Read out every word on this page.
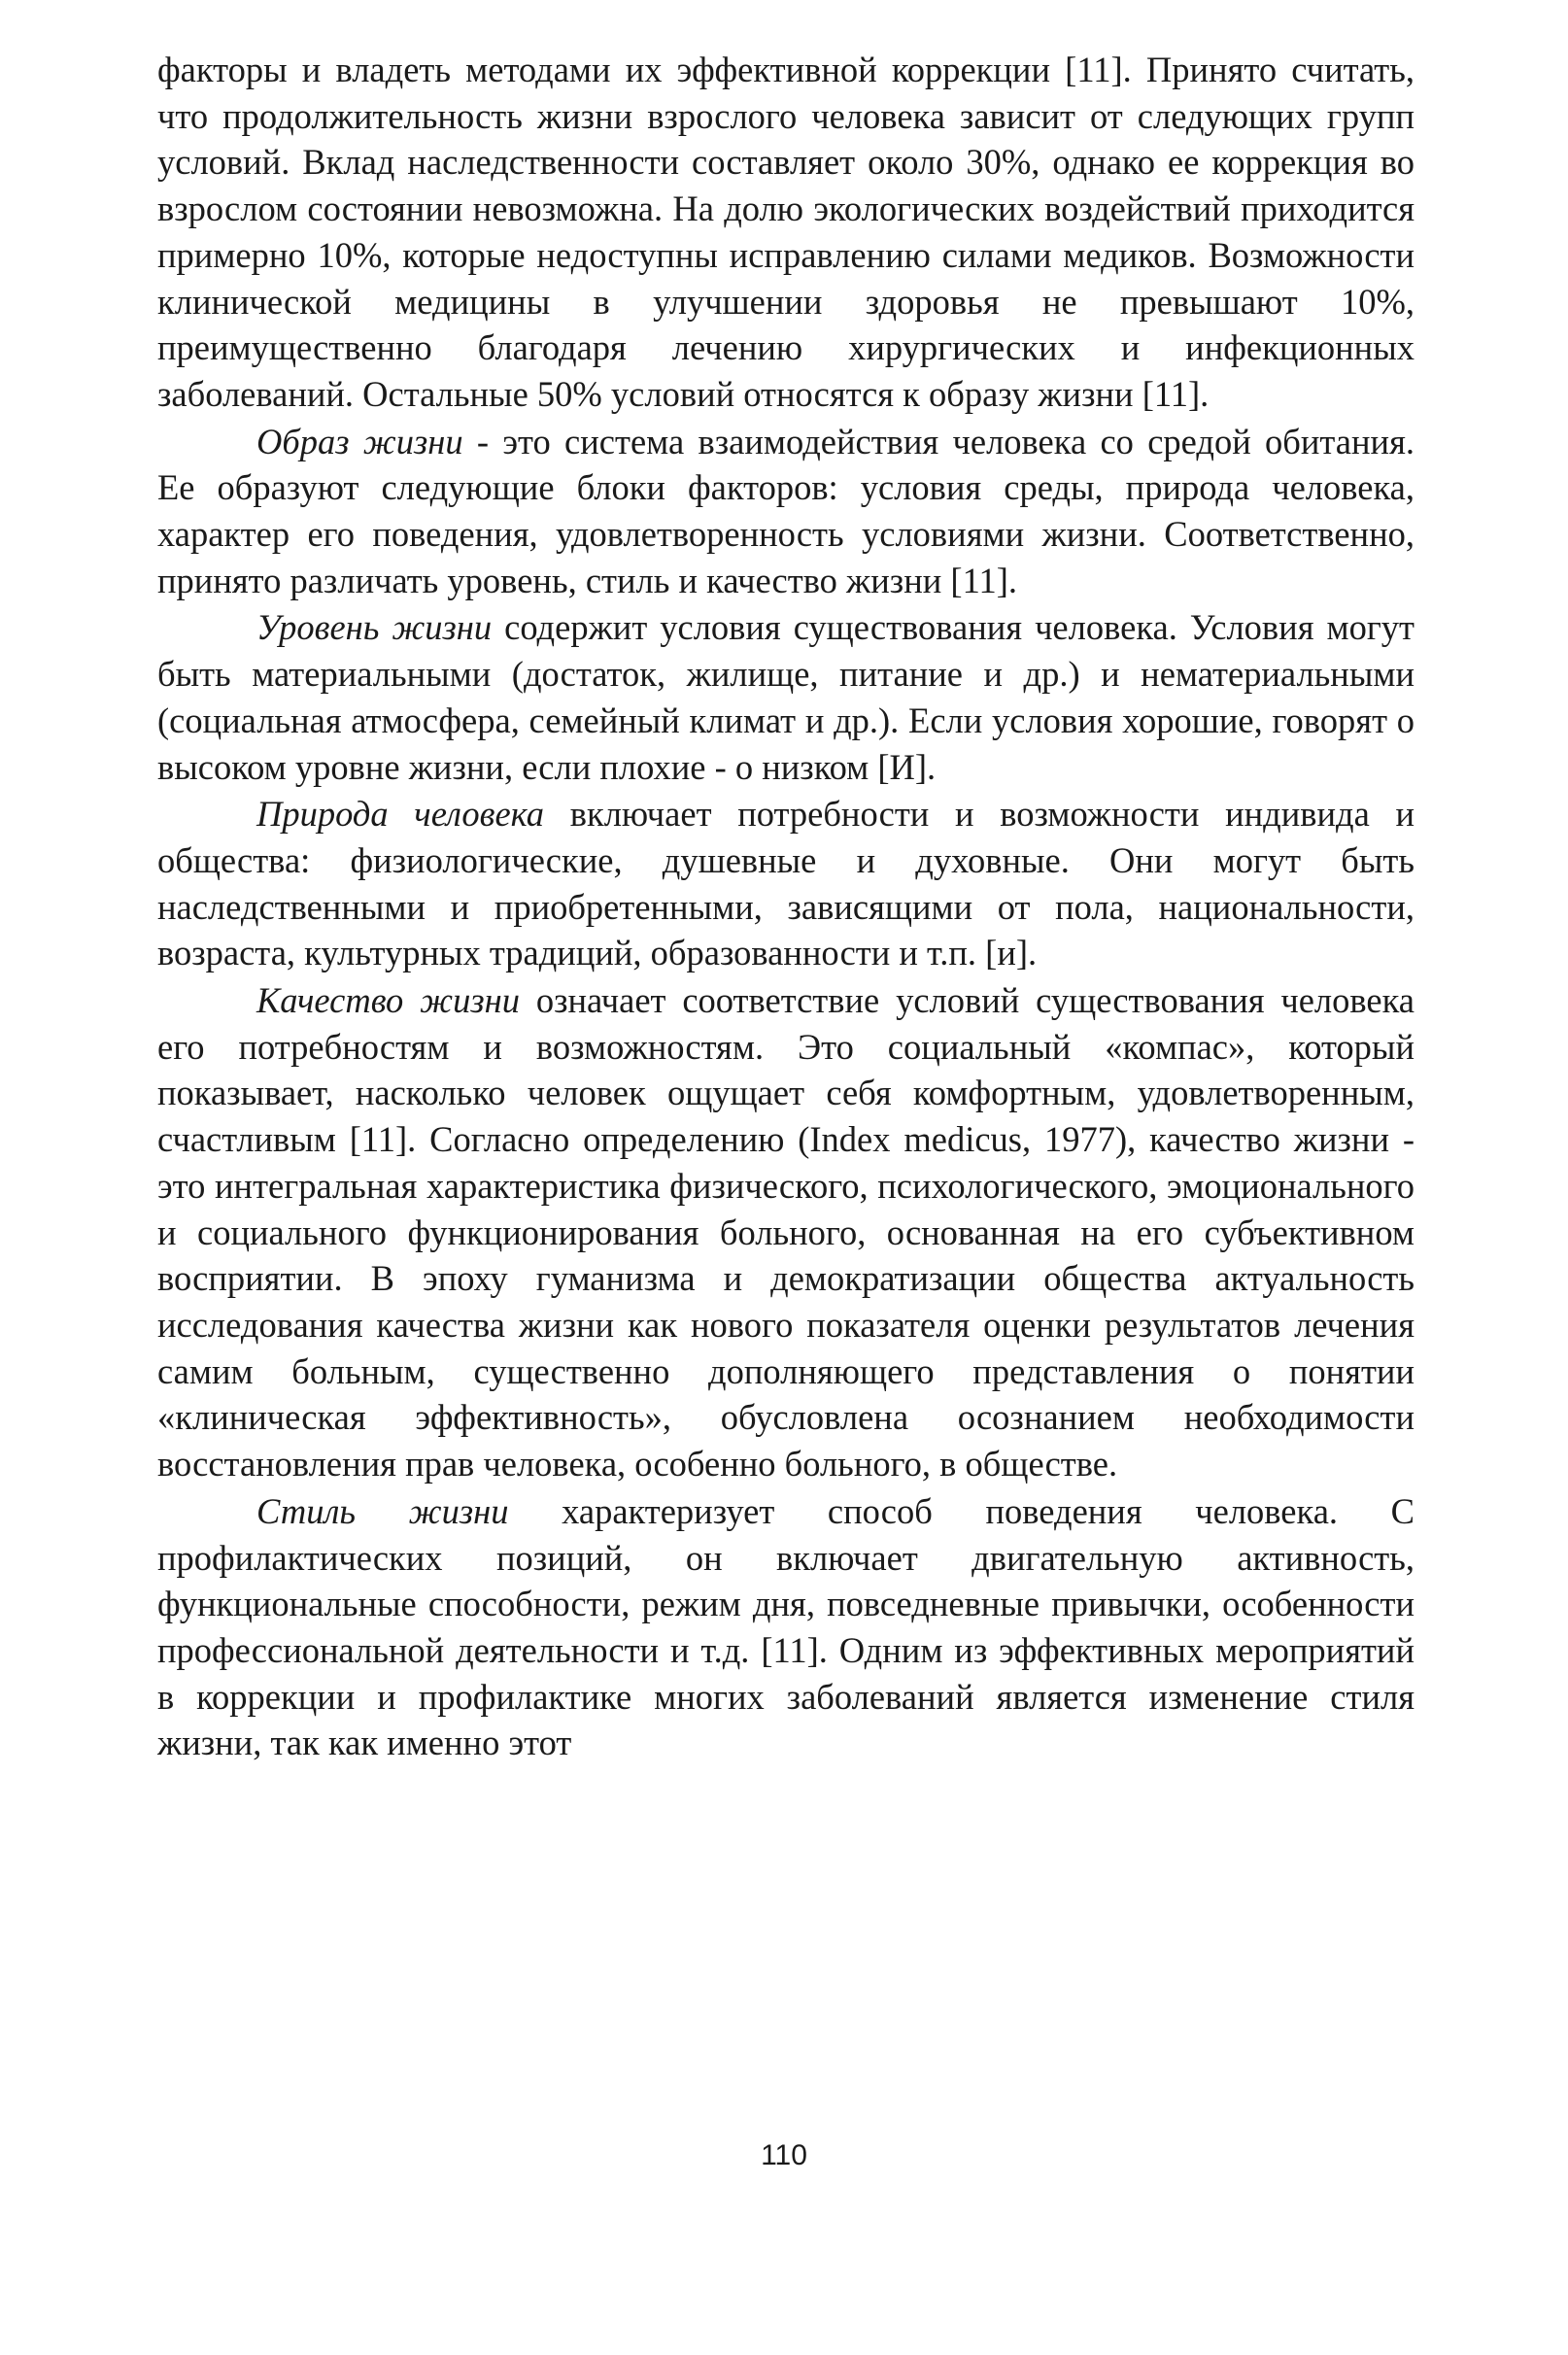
факторы и владеть методами их эффективной коррекции [11]. Принято считать, что продолжительность жизни взрослого человека зависит от следующих групп условий. Вклад наследственности составляет около 30%, однако ее коррекция во взрослом состоянии невозможна. На долю экологических воздействий приходится примерно 10%, которые недоступны исправлению силами медиков. Возможности клинической медицины в улучшении здоровья не превышают 10%, преимущественно благодаря лечению хирургических и инфекционных заболеваний. Остальные 50% условий относятся к образу жизни [11].

Образ жизни - это система взаимодействия человека со средой обитания. Ее образуют следующие блоки факторов: условия среды, природа человека, характер его поведения, удовлетворенность условиями жизни. Соответственно, принято различать уровень, стиль и качество жизни [11].

Уровень жизни содержит условия существования человека. Условия могут быть материальными (достаток, жилище, питание и др.) и нематериальными (социальная атмосфера, семейный климат и др.). Если условия хорошие, говорят о высоком уровне жизни, если плохие - о низком [И].

Природа человека включает потребности и возможности индивида и общества: физиологические, душевные и духовные. Они могут быть наследственными и приобретенными, зависящими от пола, национальности, возраста, культурных традиций, образованности и т.п. [и].

Качество жизни означает соответствие условий существования человека его потребностям и возможностям. Это социальный «компас», который показывает, насколько человек ощущает себя комфортным, удовлетворенным, счастливым [11]. Согласно определению (Index medicus, 1977), качество жизни - это интегральная характеристика физического, психологического, эмоционального и социального функционирования больного, основанная на его субъективном восприятии. В эпоху гуманизма и демократизации общества актуальность исследования качества жизни как нового показателя оценки результатов лечения самим больным, существенно дополняющего представления о понятии «клиническая эффективность», обусловлена осознанием необходимости восстановления прав человека, особенно больного, в обществе.

Стиль жизни характеризует способ поведения человека. С профилактических позиций, он включает двигательную активность, функциональные способности, режим дня, повседневные привычки, особенности профессиональной деятельности и т.д. [11]. Одним из эффективных мероприятий в коррекции и профилактике многих заболеваний является изменение стиля жизни, так как именно этот

110
